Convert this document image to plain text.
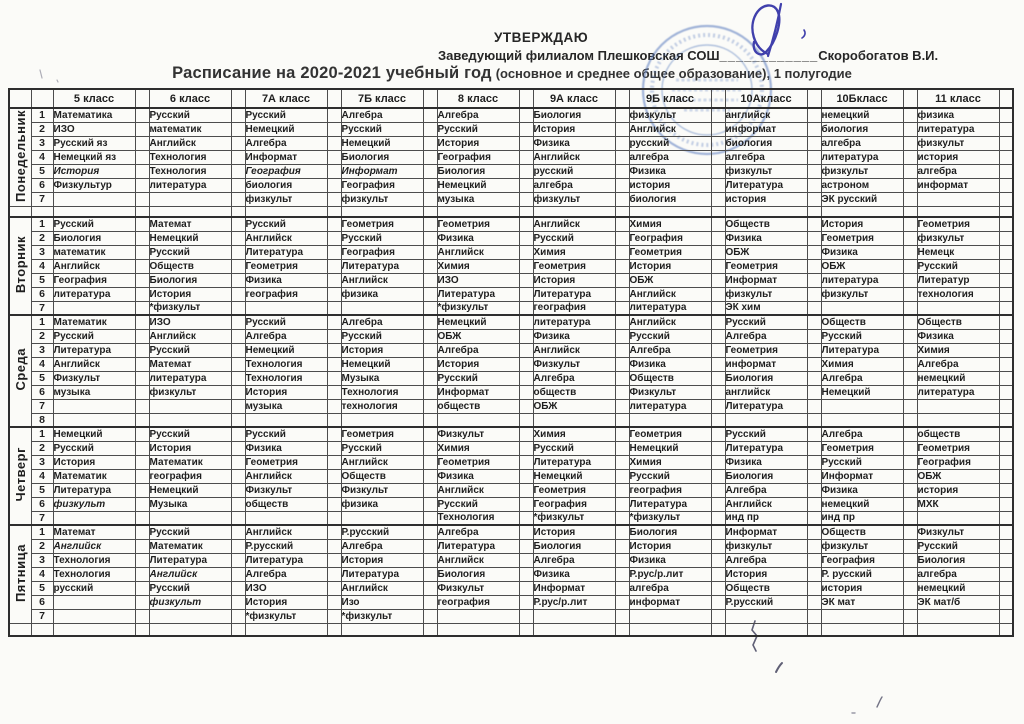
УТВЕРЖДАЮ
Заведующий филиалом Плешковская СОШ____________Скоробогатов В.И.
Расписание на 2020-2021 учебный год (основное и среднее общее образование), 1 полугодие
		5 класс		6 класс		7А класс		7Б класс		8 класс		9А класс		9Б класс		10Акласс		10Бкласс		11 класс	
Понедельник	1	Математика		Русский		Русский		Алгебра		Алгебра		Биология		физкульт		английск		немецкий		физика	
	2	ИЗО		математик		Немецкий		Русский		Русский		История		Английск		информат		биология		литература	
	3	Русский яз		Английск		Алгебра		Немецкий		История		Физика		русский		биология		алгебра		физкульт	
	4	Немецкий яз		Технология		Информат		Биология		География		Английск		алгебра		алгебра		литература		история	
	5	История		Технология		География		Информат		Биология		русский		Физика		физкульт		физкульт		алгебра	
	6	Физкультур		литература		биология		География		Немецкий		алгебра		история		Литература		астроном		информат	
	7					физкульт		физкульт		музыка		физкульт		биология		история		ЭК русский			

Вторник	1	Русский		Математ		Русский		Геометрия		Геометрия		Английск		Химия		Обществ		История		Геометрия	
	2	Биология		Немецкий		Английск		Русский		Физика		Русский		География		Физика		Геометрия		физкульт	
	3	математик		Русский		Литература		География		Английск		Химия		Геометрия		ОБЖ		Физика		Немецк	
	4	Английск		Обществ		Геометрия		Литература		Химия		Геометрия		История		Геометрия		ОБЖ		Русский	
	5	География		Биология		Физика		Английск		ИЗО		История		ОБЖ		Информат		литература		Литератур	
	6	литература		История		география		физика		Литература		Литература		Английск		физкульт		физкульт		технология	
	7			*физкульт						*физкульт		география		литература		ЭК хим					
Среда	1	Математик		ИЗО		Русский		Алгебра		Немецкий		литература		Английск		Русский		Обществ		Обществ	
	2	Русский		Английск		Алгебра		Русский		ОБЖ		Физика		Русский		Алгебра		Русский		Физика	
	3	Литература		Русский		Немецкий		История		Алгебра		Английск		Алгебра		Геометрия		Литература		Химия	
	4	Английск		Математ		Технология		Немецкий		История		Физкульт		Физика		информат		Химия		Алгебра	
	5	Физкульт		литература		Технология		Музыка		Русский		Алгебра		Обществ		Биология		Алгебра		немецкий	
	6	музыка		физкульт		История		Технология		Информат		обществ		Физкульт		английск		Немецкий		литература	
	7					музыка		технология		обществ		ОБЖ		литература		Литература					
	8																				
Четверг	1	Немецкий		Русский		Русский		Геометрия		Физкульт		Химия		Геометрия		Русский		Алгебра		обществ	
	2	Русский		История		Физика		Русский		Химия		Русский		Немецкий		Литература		Геометрия		Геометрия	
	3	История		Математик		Геометрия		Английск		Геометрия		Литература		Химия		Физика		Русский		География	
	4	Математик		география		Английск		Обществ		Физика		Немецкий		Русский		Биология		Информат		ОБЖ	
	5	Литература		Немецкий		Физкульт		Физкульт		Английск		Геометрия		география		Алгебра		Физика		история	
	6	физкульт		Музыка		обществ		физика		Русский		География		Литература		Английск		немецкий		МХК	
	7									Технология		*физкульт		*физкульт		инд пр		инд пр			
Пятница	1	Математ		Русский		Английск		Р.русский		Алгебра		История		Биология		Информат		Обществ		Физкульт	
	2	Английск		Математик		Р.русский		Алгебра		Литература		Биология		История		физкульт		физкульт		Русский	
	3	Технология		Литература		Литература		История		Английск		Алгебра		Физика		Алгебра		География		Биология	
	4	Технология		Английск		Алгебра		Литература		Биология		Физика		Р.рус/р.лит		История		Р. русский		алгебра	
	5	русский		Русский		ИЗО		Английск		Физкульт		Информат		алгебра		Обществ		история		немецкий	
	6			физкульт		История		Изо		география		Р.рус/р.лит		информат		Р.русский		ЭК мат		ЭК мат/б	
	7					*физкульт		*физкульт													
